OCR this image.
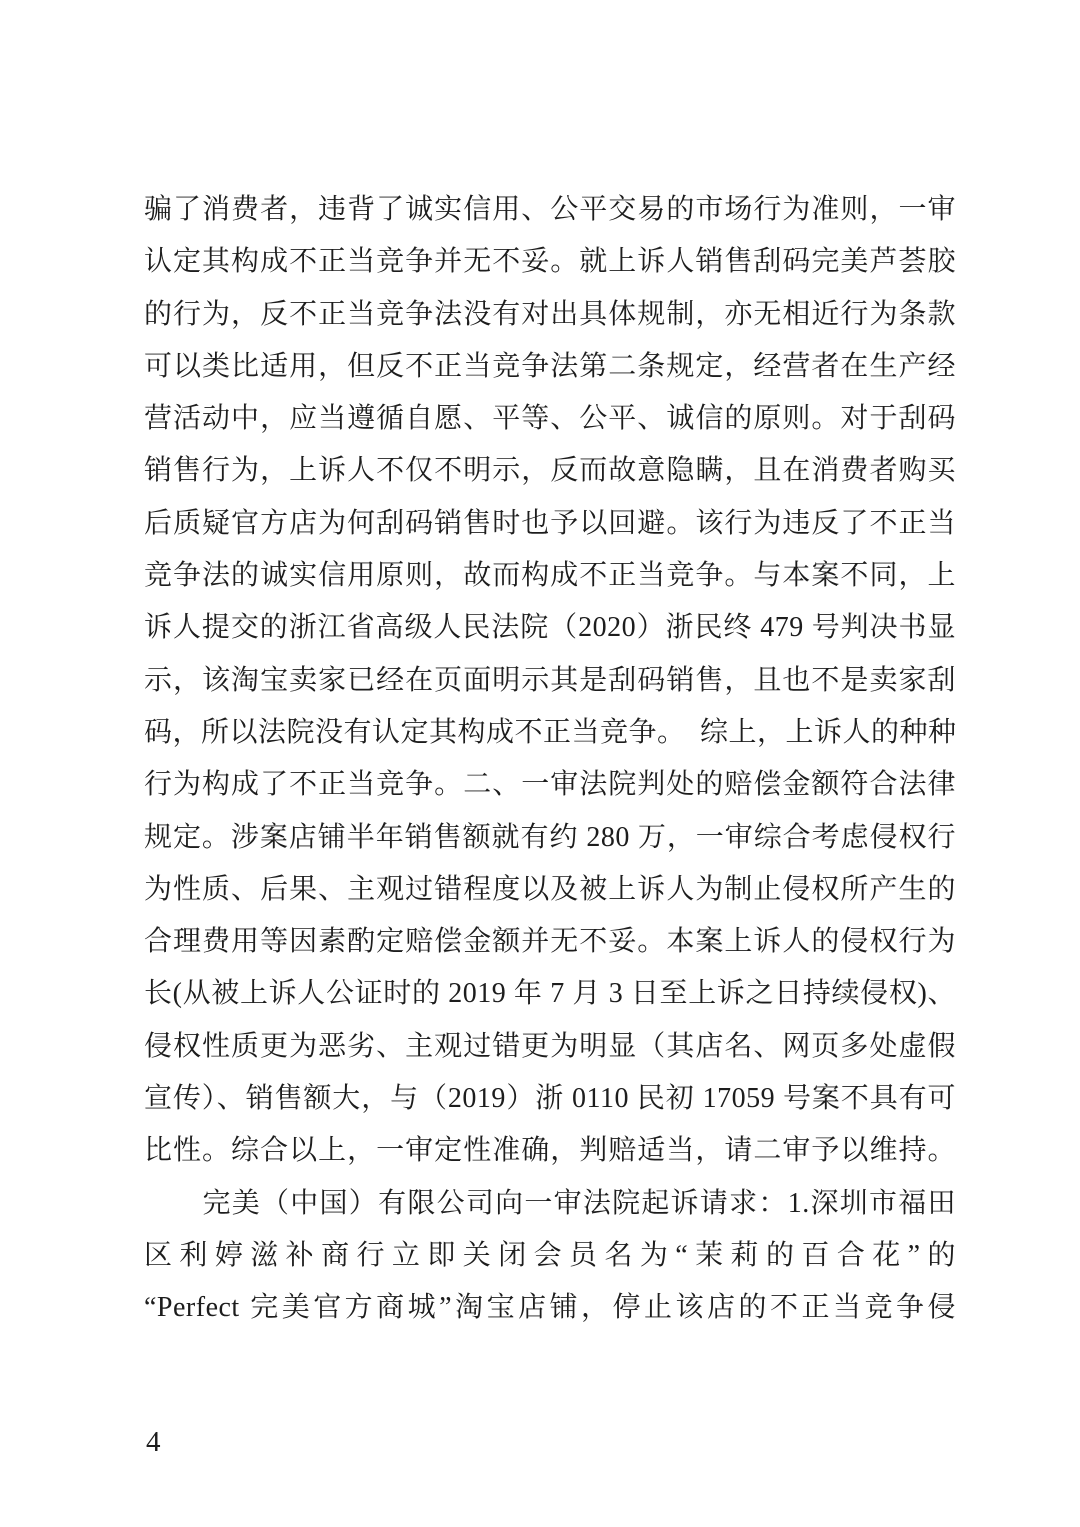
骗了消费者，违背了诚实信用、公平交易的市场行为准则，一审
认定其构成不正当竞争并无不妥。就上诉人销售刮码完美芦荟胶
的行为，反不正当竞争法没有对出具体规制，亦无相近行为条款
可以类比适用，但反不正当竞争法第二条规定，经营者在生产经
营活动中，应当遵循自愿、平等、公平、诚信的原则。对于刮码
销售行为，上诉人不仅不明示，反而故意隐瞒，且在消费者购买
后质疑官方店为何刮码销售时也予以回避。该行为违反了不正当
竞争法的诚实信用原则，故而构成不正当竞争。与本案不同，上
诉人提交的浙江省高级人民法院（2020）浙民终 479 号判决书显
示，该淘宝卖家已经在页面明示其是刮码销售，且也不是卖家刮
码，所以法院没有认定其构成不正当竞争。　综上，上诉人的种种
行为构成了不正当竞争。二、一审法院判处的赔偿金额符合法律
规定。涉案店铺半年销售额就有约 280 万，一审综合考虑侵权行
为性质、后果、主观过错程度以及被上诉人为制止侵权所产生的
合理费用等因素酌定赔偿金额并无不妥。本案上诉人的侵权行为
长(从被上诉人公证时的 2019 年 7 月 3 日至上诉之日持续侵权)、
侵权性质更为恶劣、主观过错更为明显（其店名、网页多处虚假
宣传）、销售额大，与（2019）浙 0110 民初 17059 号案不具有可
比性。综合以上，一审定性准确，判赔适当，请二审予以维持。
　　完美（中国）有限公司向一审法院起诉请求：1.深圳市福田
区利婷滋补商行立即关闭会员名为“茉莉的百合花”的
“Perfect 完美官方商城”淘宝店铺，停止该店的不正当竞争侵
4
